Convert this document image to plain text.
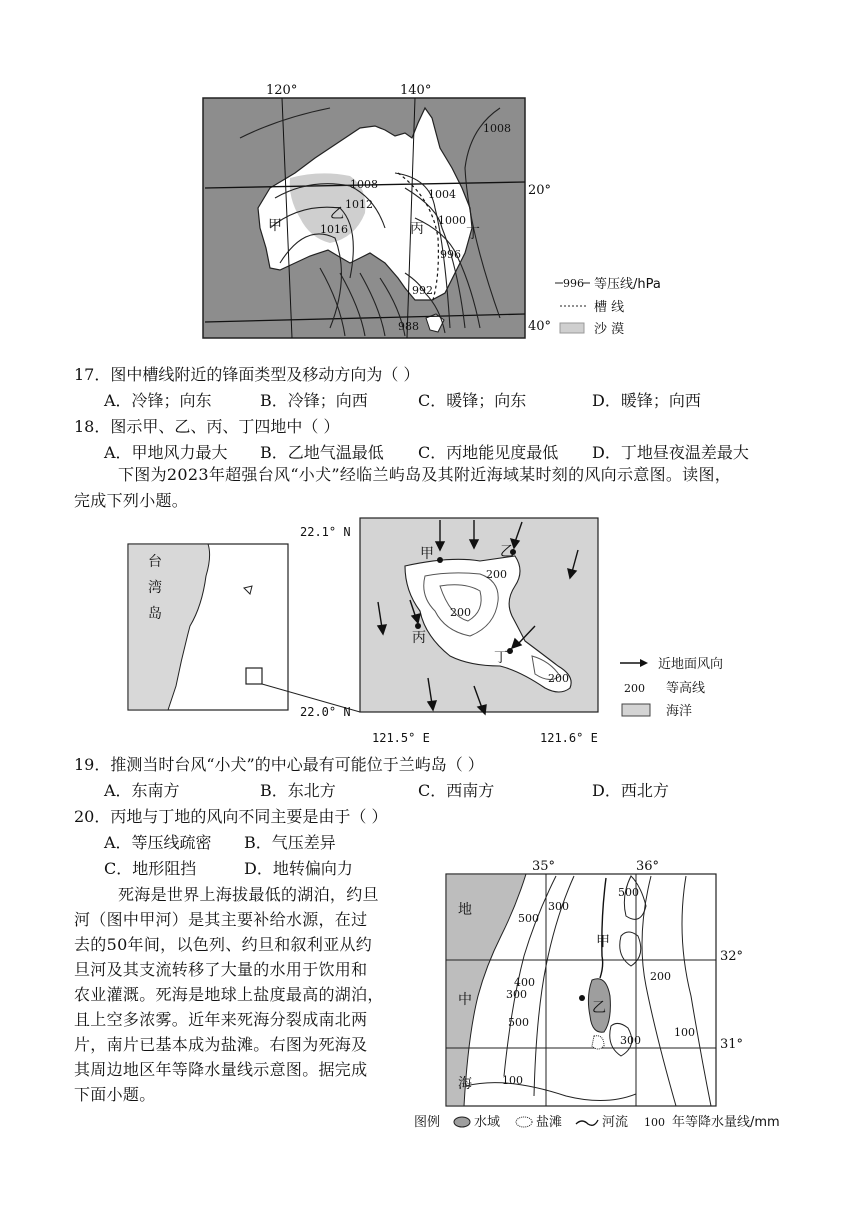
120°	140°
20°
40°
1008
1008
1012
1016
1004
1000
996
992
988
甲
乙
丙	丁
996 等压线/hPa
槽 线
沙 漠
17．图中槽线附近的锋面类型及移动方向为（ ）
A．冷锋；向东	B．冷锋；向西	C．暖锋；向东	D．暖锋；向西
18．图示甲、乙、丙、丁四地中（ ）
A．甲地风力最大 B．乙地气温最低 C．丙地能见度最低 D．丁地昼夜温差最大
下图为2023年超强台风“小犬”经临兰屿岛及其附近海域某时刻的风向示意图。读图，
完成下列小题。
台
湾
岛
22.1° N
22.0° N
121.5° E	121.6° E
甲	乙
丙
丁
200
200
200
近地面风向
200 等高线
海洋
19．推测当时台风“小犬”的中心最有可能位于兰屿岛（ ）
A．东南方	B．东北方	C．西南方	D．西北方
20．丙地与丁地的风向不同主要是由于（ ）
A．等压线疏密 B．气压差异
C．地形阻挡	D．地转偏向力
死海是世界上海拔最低的湖泊，约旦
河（图中甲河）是其主要补给水源，在过
去的50年间，以色列、约旦和叙利亚从约
旦河及其支流转移了大量的水用于饮用和
农业灌溉。死海是地球上盐度最高的湖泊，
且上空多浓雾。近年来死海分裂成南北两
片，南片已基本成为盐滩。右图为死海及
其周边地区年等降水量线示意图。据完成
下面小题。
35°	36°
32°
31°
地
中
海
甲
乙
500
300
400
300
500
500
200
300
100
100
图例	水域	盐滩	河流 100 年等降水量线/mm
